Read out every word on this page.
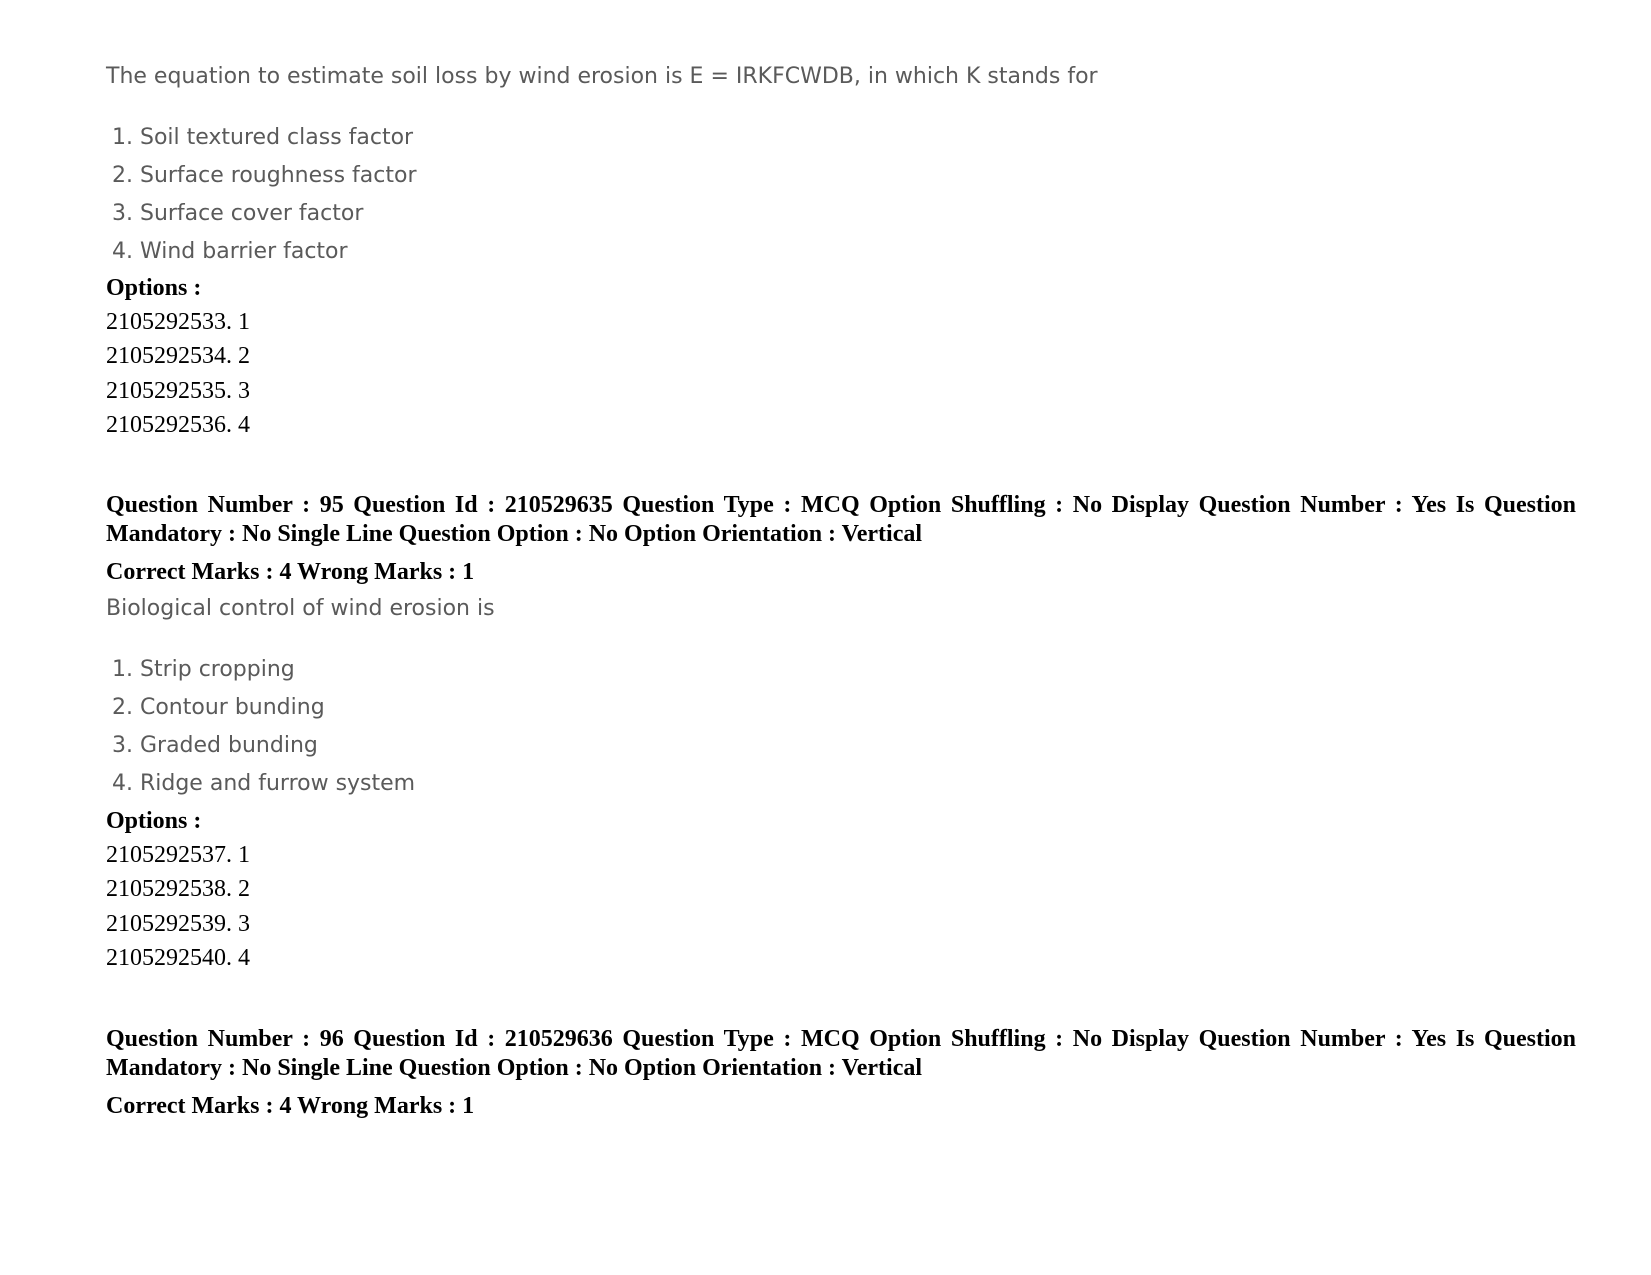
The equation to estimate soil loss by wind erosion is E = IRKFCWDB, in which K stands for
1. Soil textured class factor
2. Surface roughness factor
3. Surface cover factor
4. Wind barrier factor
Options :
2105292533. 1
2105292534. 2
2105292535. 3
2105292536. 4
Question Number : 95 Question Id : 210529635 Question Type : MCQ Option Shuffling : No Display Question Number : Yes Is Question Mandatory : No Single Line Question Option : No Option Orientation : Vertical
Correct Marks : 4 Wrong Marks : 1
Biological control of wind erosion is
1. Strip cropping
2. Contour bunding
3. Graded bunding
4. Ridge and furrow system
Options :
2105292537. 1
2105292538. 2
2105292539. 3
2105292540. 4
Question Number : 96 Question Id : 210529636 Question Type : MCQ Option Shuffling : No Display Question Number : Yes Is Question Mandatory : No Single Line Question Option : No Option Orientation : Vertical
Correct Marks : 4 Wrong Marks : 1
